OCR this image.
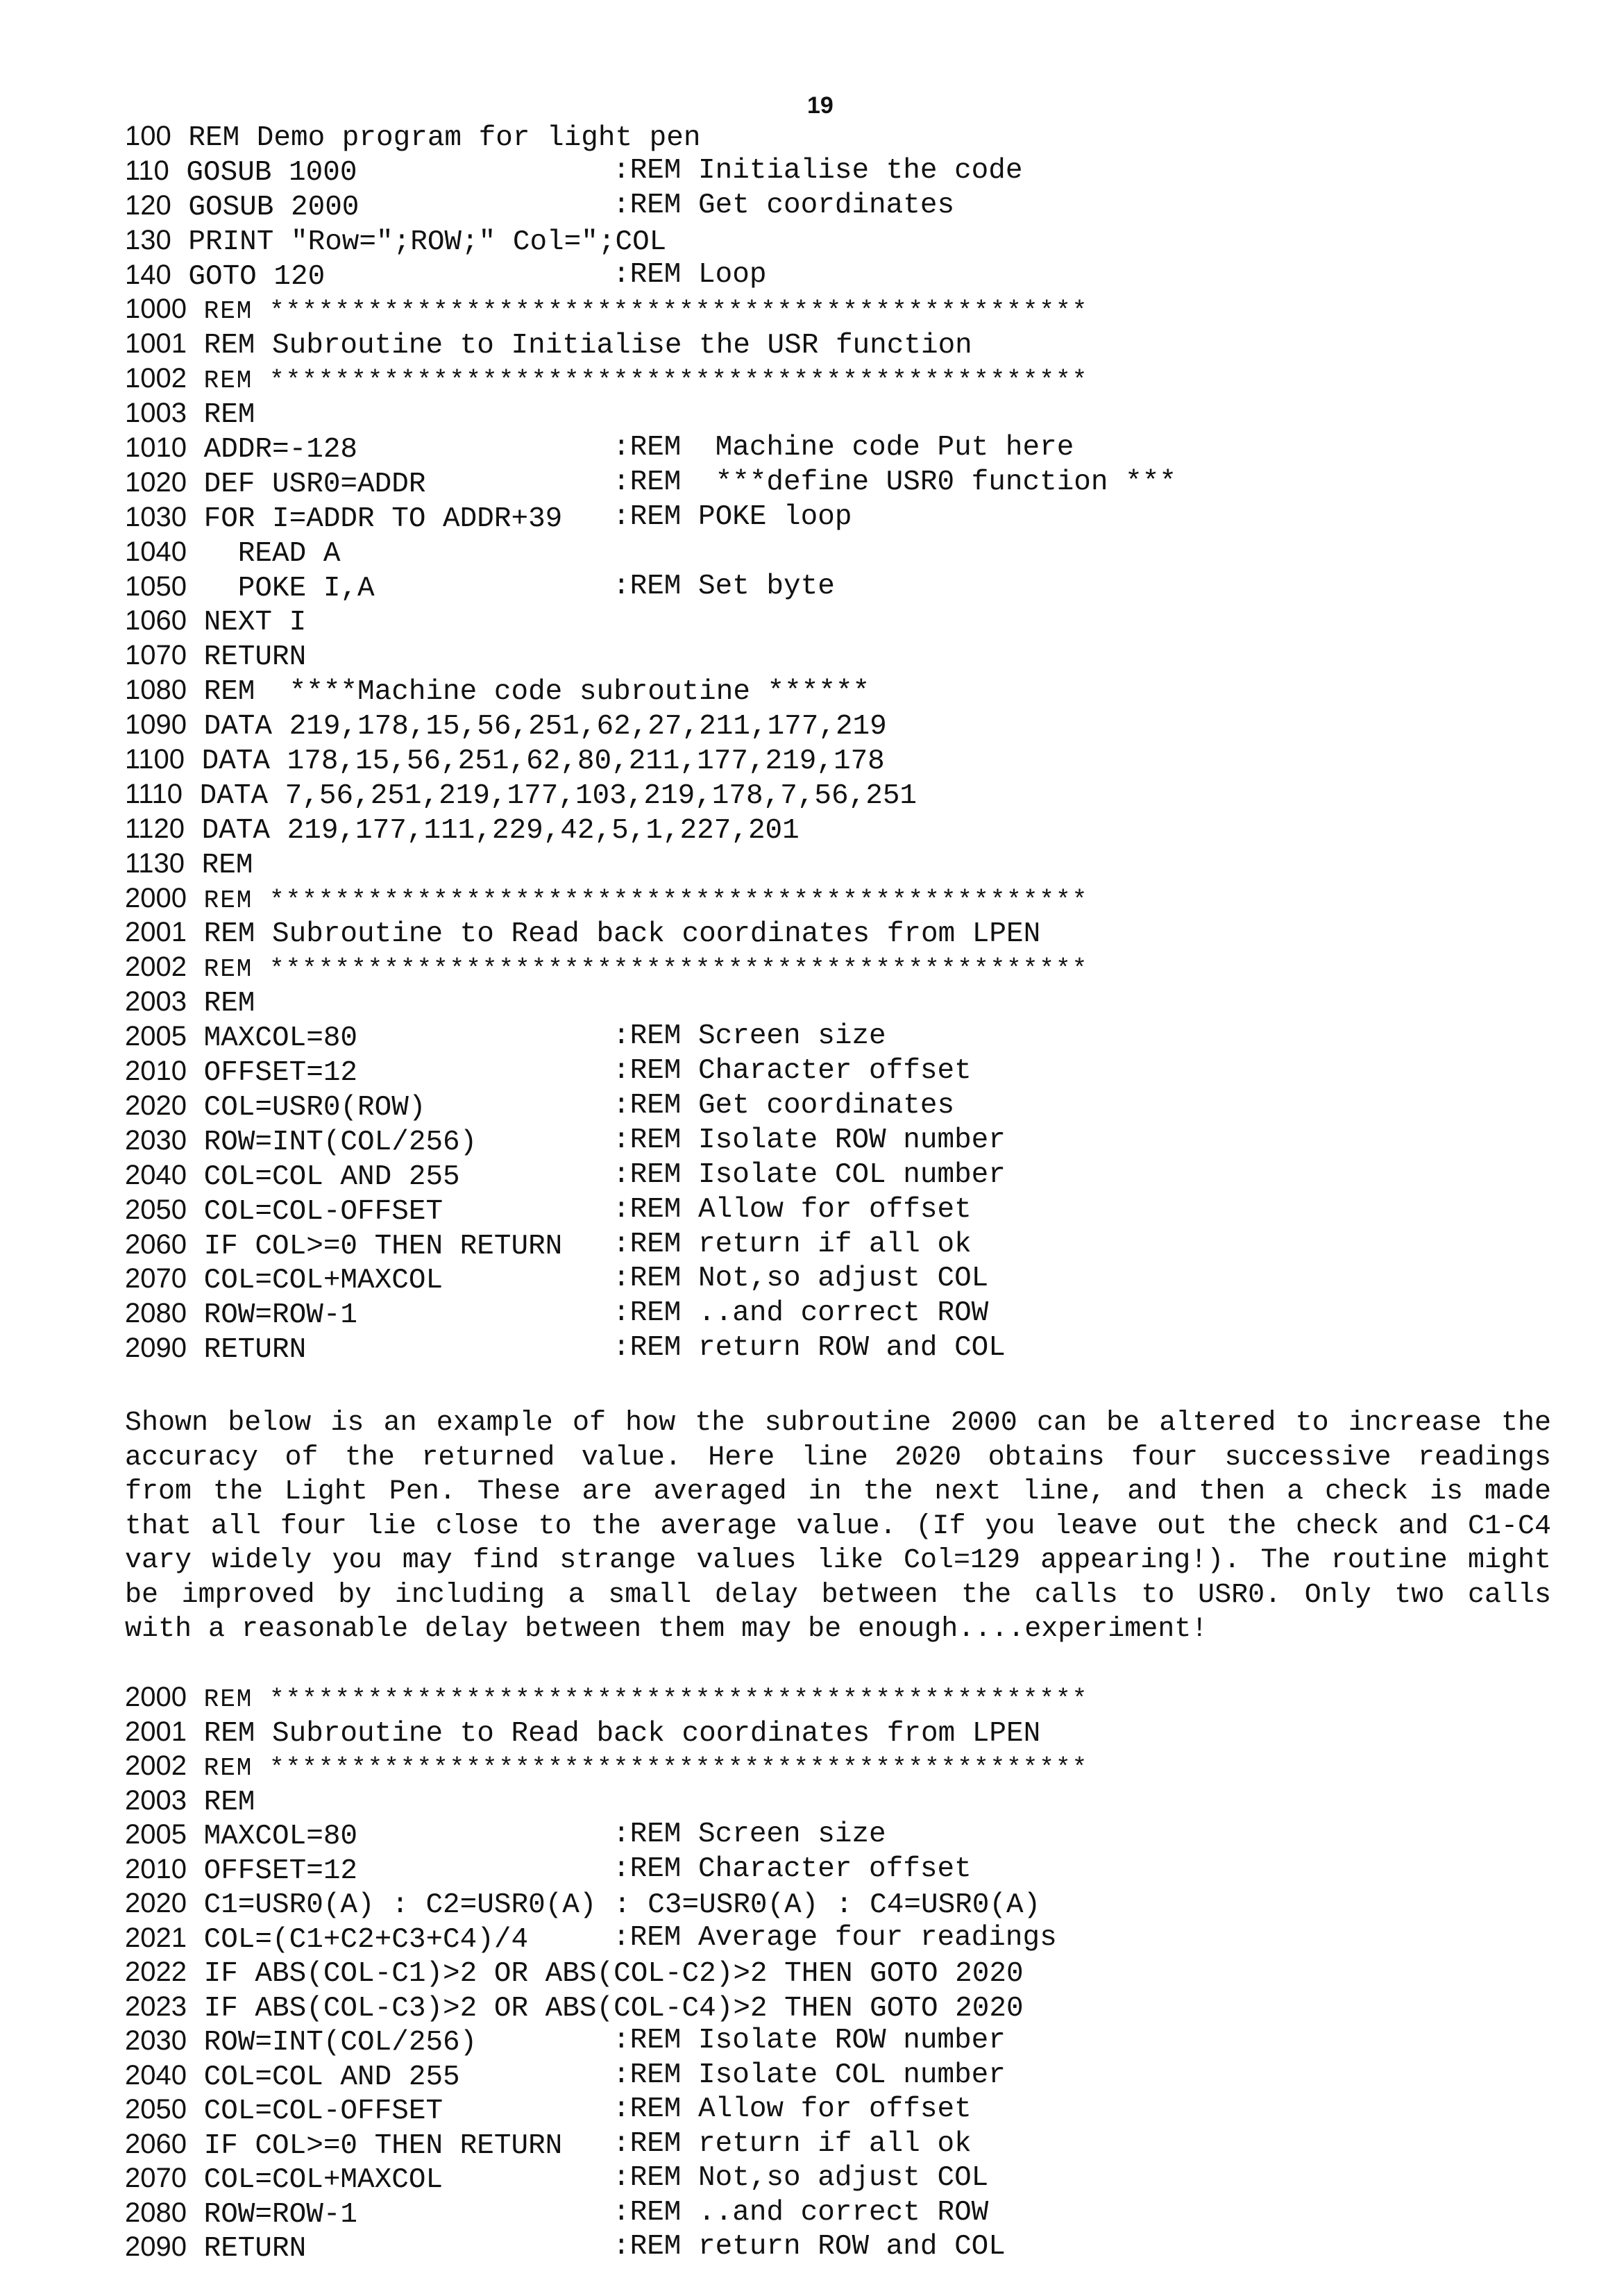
19
100 REM Demo program for light pen
110 GOSUB 1000	:REM Initialise the code
120 GOSUB 2000	:REM Get coordinates
130 PRINT "Row=";ROW;" Col=";COL
140 GOTO 120	:REM Loop
1000 REM **************************************************
1001 REM Subroutine to Initialise the USR function
1002 REM **************************************************
1003 REM
1010 ADDR=-128	:REM  Machine code Put here
1020 DEF USR0=ADDR	:REM  ***define USR0 function ***
1030 FOR I=ADDR TO ADDR+39 :REM POKE loop
1040   READ A
1050   POKE I,A	:REM Set byte
1060 NEXT I
1070 RETURN
1080 REM  ****Machine code subroutine ******
1090 DATA 219,178,15,56,251,62,27,211,177,219
1100 DATA 178,15,56,251,62,80,211,177,219,178
1110 DATA 7,56,251,219,177,103,219,178,7,56,251
1120 DATA 219,177,111,229,42,5,1,227,201
1130 REM
2000 REM **************************************************
2001 REM Subroutine to Read back coordinates from LPEN
2002 REM **************************************************
2003 REM
2005 MAXCOL=80	:REM Screen size
2010 OFFSET=12	:REM Character offset
2020 COL=USR0(ROW)	:REM Get coordinates
2030 ROW=INT(COL/256)	:REM Isolate ROW number
2040 COL=COL AND 255	:REM Isolate COL number
2050 COL=COL-OFFSET	:REM Allow for offset
2060 IF COL>=0 THEN RETURN :REM return if all ok
2070 COL=COL+MAXCOL	:REM Not,so adjust COL
2080 ROW=ROW-1	:REM ..and correct ROW
2090 RETURN	:REM return ROW and COL
Shown below is an example of how the subroutine 2000 can be altered to increase the
accuracy of the returned value. Here line 2020 obtains four successive readings
from the Light Pen. These are averaged in the next line, and then a check is made
that all four lie close to the average value. (If you leave out the check and C1-C4
vary widely you may find strange values like Col=129 appearing!). The routine might
be improved by including a small delay between the calls to USR0. Only two calls
with a reasonable delay between them may be enough....experiment!
2000 REM **************************************************
2001 REM Subroutine to Read back coordinates from LPEN
2002 REM **************************************************
2003 REM
2005 MAXCOL=80	:REM Screen size
2010 OFFSET=12	:REM Character offset
2020 C1=USR0(A) : C2=USR0(A) : C3=USR0(A) : C4=USR0(A)
2021 COL=(C1+C2+C3+C4)/4	:REM Average four readings
2022 IF ABS(COL-C1)>2 OR ABS(COL-C2)>2 THEN GOTO 2020
2023 IF ABS(COL-C3)>2 OR ABS(COL-C4)>2 THEN GOTO 2020
2030 ROW=INT(COL/256)	:REM Isolate ROW number
2040 COL=COL AND 255	:REM Isolate COL number
2050 COL=COL-OFFSET	:REM Allow for offset
2060 IF COL>=0 THEN RETURN :REM return if all ok
2070 COL=COL+MAXCOL	:REM Not,so adjust COL
2080 ROW=ROW-1	:REM ..and correct ROW
2090 RETURN	:REM return ROW and COL
